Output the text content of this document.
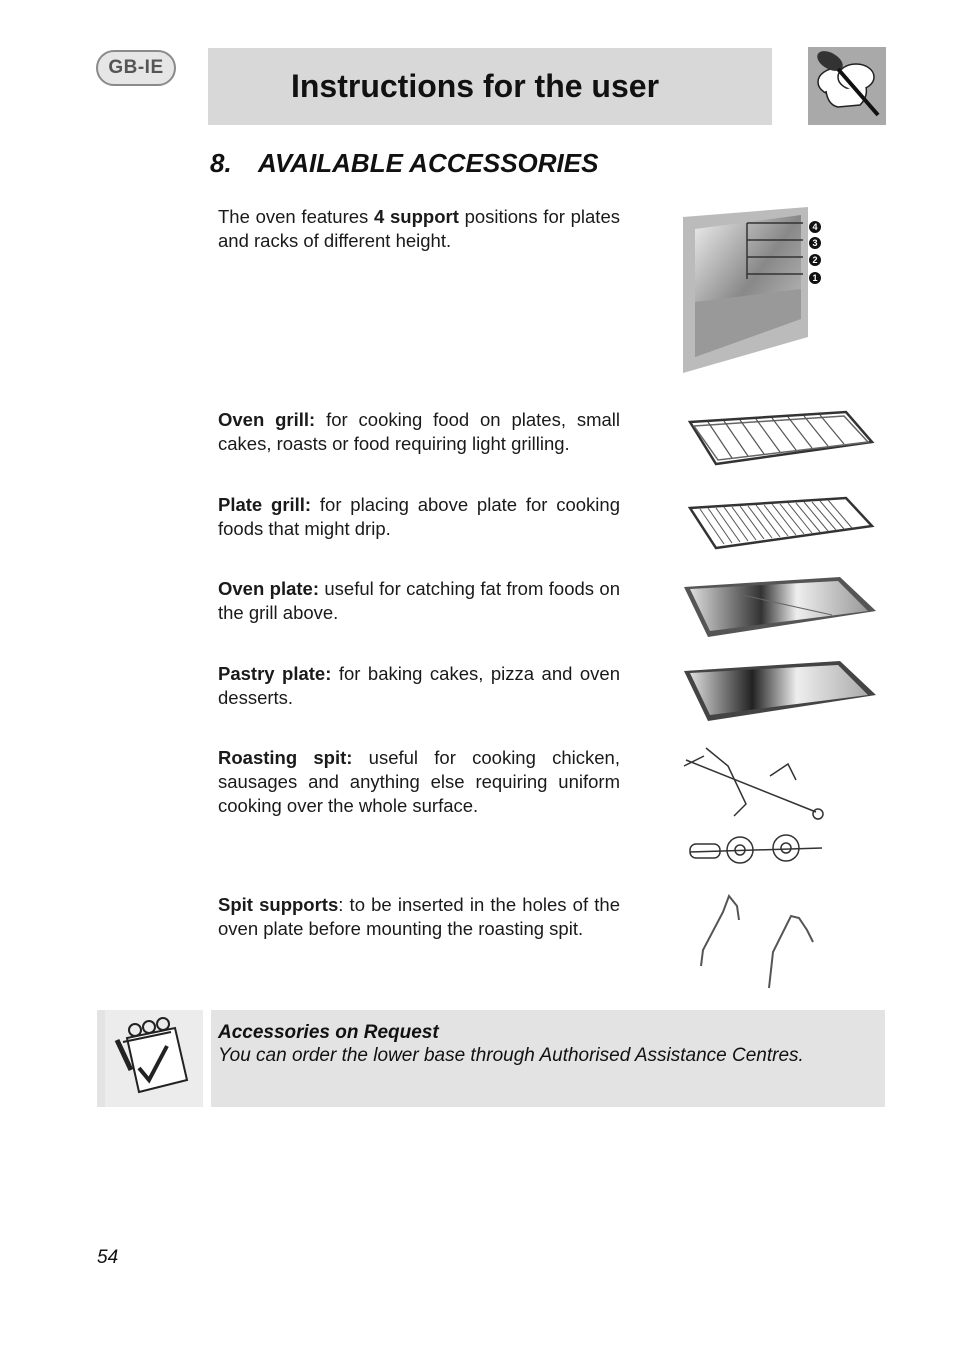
GB-IE
Instructions for the user
8. AVAILABLE ACCESSORIES
The oven features 4 support positions for plates and racks of different height.
4
3
2
1
Oven grill: for cooking food on plates, small cakes, roasts or food requiring light grilling.
Plate grill: for placing above plate for cooking foods that might drip.
Oven plate: useful for catching fat from foods on the grill above.
Pastry plate: for baking cakes, pizza and oven desserts.
Roasting spit: useful for cooking chicken, sausages and anything else requiring uniform cooking over the whole surface.
Spit supports: to be inserted in the holes of the oven plate before mounting the roasting spit.
Accessories on Request
You can order the lower base through Authorised Assistance Centres.
54
